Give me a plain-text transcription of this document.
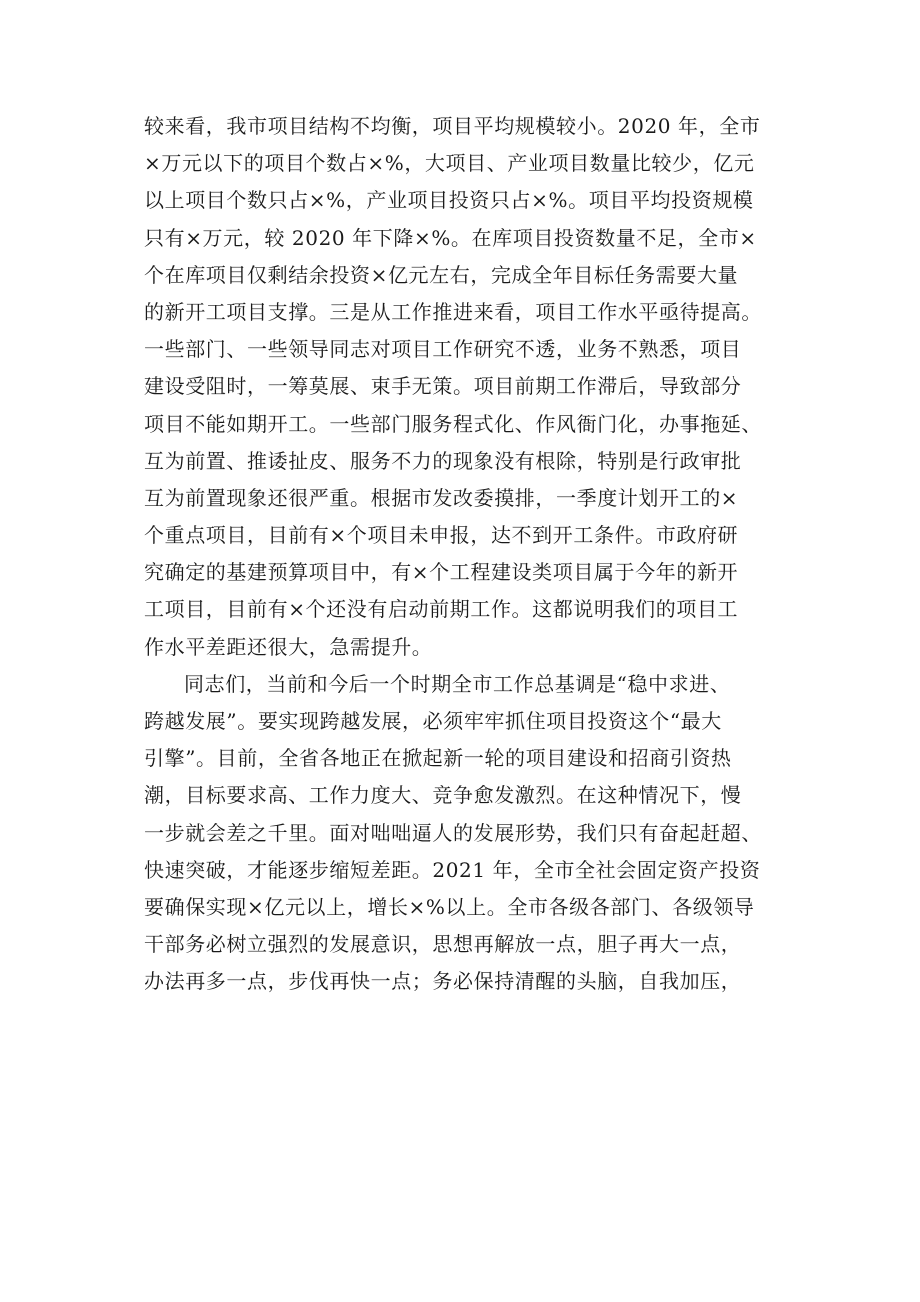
较来看，我市项目结构不均衡，项目平均规模较小。2020 年，全市
×万元以下的项目个数占×%，大项目、产业项目数量比较少，亿元
以上项目个数只占×%，产业项目投资只占×%。项目平均投资规模
只有×万元，较 2020 年下降×%。在库项目投资数量不足，全市×
个在库项目仅剩结余投资×亿元左右，完成全年目标任务需要大量
的新开工项目支撑。三是从工作推进来看，项目工作水平亟待提高。
一些部门、一些领导同志对项目工作研究不透，业务不熟悉，项目
建设受阻时，一筹莫展、束手无策。项目前期工作滞后，导致部分
项目不能如期开工。一些部门服务程式化、作风衙门化，办事拖延、
互为前置、推诿扯皮、服务不力的现象没有根除，特别是行政审批
互为前置现象还很严重。根据市发改委摸排，一季度计划开工的×
个重点项目，目前有×个项目未申报，达不到开工条件。市政府研
究确定的基建预算项目中，有×个工程建设类项目属于今年的新开
工项目，目前有×个还没有启动前期工作。这都说明我们的项目工
作水平差距还很大，急需提升。
同志们，当前和今后一个时期全市工作总基调是“稳中求进、
跨越发展”。要实现跨越发展，必须牢牢抓住项目投资这个“最大
引擎”。目前，全省各地正在掀起新一轮的项目建设和招商引资热
潮，目标要求高、工作力度大、竞争愈发激烈。在这种情况下，慢
一步就会差之千里。面对咄咄逼人的发展形势，我们只有奋起赶超、
快速突破，才能逐步缩短差距。2021 年，全市全社会固定资产投资
要确保实现×亿元以上，增长×%以上。全市各级各部门、各级领导
干部务必树立强烈的发展意识，思想再解放一点，胆子再大一点，
办法再多一点，步伐再快一点；务必保持清醒的头脑，自我加压，
